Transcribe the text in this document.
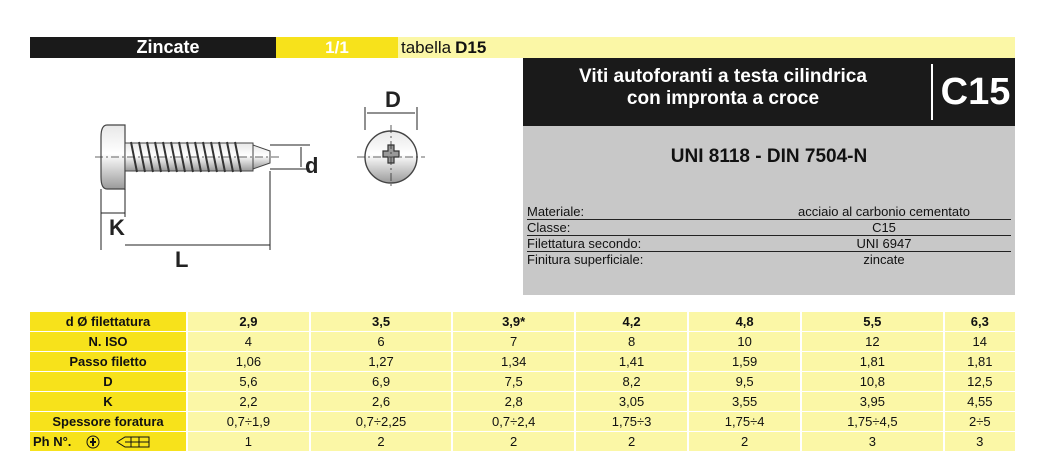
Zincate	1/1	tabella D15
Viti autoforanti a testa cilindrica
con impronta a croce	C15
UNI 8118 - DIN 7504-N
Materiale:	acciaio al carbonio cementato
Classe:	C15
Filettatura secondo:	UNI 6947
Finitura superficiale:	zincate
d
K
L
D
d Ø filettatura	2,9	3,5	3,9*	4,2	4,8	5,5	6,3
N. ISO	4	6	7	8	10	12	14
Passo filetto	1,06	1,27	1,34	1,41	1,59	1,81	1,81
D	5,6	6,9	7,5	8,2	9,5	10,8	12,5
K	2,2	2,6	2,8	3,05	3,55	3,95	4,55
Spessore foratura	0,7÷1,9	0,7÷2,25	0,7÷2,4	1,75÷3	1,75÷4	1,75÷4,5	2÷5
Ph N°.	1	2	2	2	2	3	3
